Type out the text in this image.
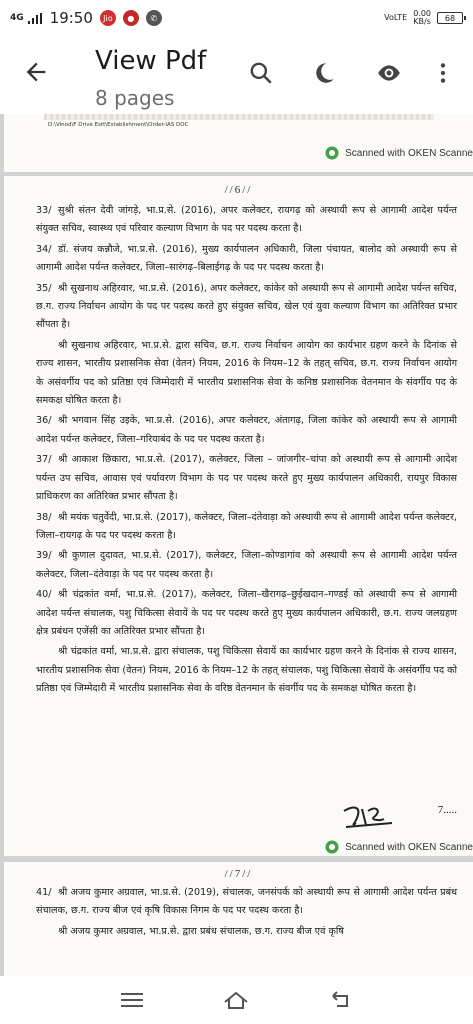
4G 19:50	Jio	●	✆	VoLTE 0.00
KB/s 68
View Pdf
8 pages
D:\Vinod\F Drive Estt\Establishment\Order-IAS DOC
Scanned with OKEN Scanne
//6//

33/ सुश्री संतन देवी जांगड़े, भा.प्र.से. (2016), अपर कलेक्टर, रायगढ़ को अस्थायी रूप से आगामी आदेश पर्यन्त संयुक्त सचिव, स्वास्थ्य एवं परिवार कल्याण विभाग के पद पर पदस्थ करता है।

34/ डॉ. संजय कन्नौजे, भा.प्र.से. (2016), मुख्य कार्यपालन अधिकारी, जिला पंचायत, बालोद को अस्थायी रूप से आगामी आदेश पर्यन्त कलेक्टर, जिला–सारंगढ़–बिलाईगढ़ के पद पर पदस्थ करता है।

35/ श्री सुखनाथ अहिरवार, भा.प्र.से. (2016), अपर कलेक्टर, कांकेर को अस्थायी रूप से आगामी आदेश पर्यन्त सचिव, छ.ग. राज्य निर्वाचन आयोग के पद पर पदस्थ करते हुए संयुक्त सचिव, खेल एवं युवा कल्याण विभाग का अतिरिक्त प्रभार सौंपता है।

श्री सुखनाथ अहिरवार, भा.प्र.से. द्वारा सचिव, छ.ग. राज्य निर्वाचन आयोग का कार्यभार ग्रहण करने के दिनांक से राज्य शासन, भारतीय प्रशासनिक सेवा (वेतन) नियम, 2016 के नियम–12 के तहत् सचिव, छ.ग. राज्य निर्वाचन आयोग के असंवर्गीय पद को प्रतिष्ठा एवं जिम्मेदारी में भारतीय प्रशासनिक सेवा के कनिष्ठ प्रशासनिक वेतनमान के संवर्गीय पद के समकक्ष घोषित करता है।

36/ श्री भगवान सिंह उइके, भा.प्र.से. (2016), अपर कलेक्टर, अंतागढ़, जिला कांकेर को अस्थायी रूप से आगामी आदेश पर्यन्त कलेक्टर, जिला–गरियाबंद के पद पर पदस्थ करता है।

37/ श्री आकाश छिकारा, भा.प्र.से. (2017), कलेक्टर, जिला – जांजगीर–चांपा को अस्थायी रूप से आगामी आदेश पर्यन्त उप सचिव, आवास एवं पर्यावरण विभाग के पद पर पदस्थ करते हुए मुख्य कार्यपालन अधिकारी, रायपुर विकास प्राधिकरण का अतिरिक्त प्रभार सौंपता है।

38/ श्री मयंक चतुर्वेदी, भा.प्र.से. (2017), कलेक्टर, जिला–दंतेवाड़ा को अस्थायी रूप से आगामी आदेश पर्यन्त कलेक्टर, जिला–रायगढ़ के पद पर पदस्थ करता है।

39/ श्री कुणाल दुदावत, भा.प्र.से. (2017), कलेक्टर, जिला–कोण्डागांव को अस्थायी रूप से आगामी आदेश पर्यन्त कलेक्टर, जिला–दंतेवाड़ा के पद पर पदस्थ करता है।

40/ श्री चंद्रकांत वर्मा, भा.प्र.से. (2017), कलेक्टर, जिला–खैरागढ़–छुईखदान–गण्डई को अस्थायी रूप से आगामी आदेश पर्यन्त संचालक, पशु चिकित्सा सेवायें के पद पर पदस्थ करते हुए मुख्य कार्यपालन अधिकारी, छ.ग. राज्य जलग्रहण क्षेत्र प्रबंधन एजेंसी का अतिरिक्त प्रभार सौंपता है।

श्री चंद्रकांत वर्मा, भा.प्र.से. द्वारा संचालक, पशु चिकित्सा सेवायें का कार्यभार ग्रहण करने के दिनांक से राज्य शासन, भारतीय प्रशासनिक सेवा (वेतन) नियम, 2016 के नियम–12 के तहत् संचालक, पशु चिकित्सा सेवायें के असंवर्गीय पद को प्रतिष्ठा एवं जिम्मेदारी में भारतीय प्रशासनिक सेवा के वरिष्ठ वेतनमान के संवर्गीय पद के समकक्ष घोषित करता है।

7.....
Scanned with OKEN Scanne
//7//

41/ श्री अजय कुमार अग्रवाल, भा.प्र.से. (2019), संचालक, जनसंपर्क को अस्थायी रूप से आगामी आदेश पर्यन्त प्रबंध संचालक, छ.ग. राज्य बीज एवं कृषि विकास निगम के पद पर पदस्थ करता है।

श्री अजय कुमार अग्रवाल, भा.प्र.से. द्वारा प्रबंध संचालक, छ.ग. राज्य बीज एवं कृषि
